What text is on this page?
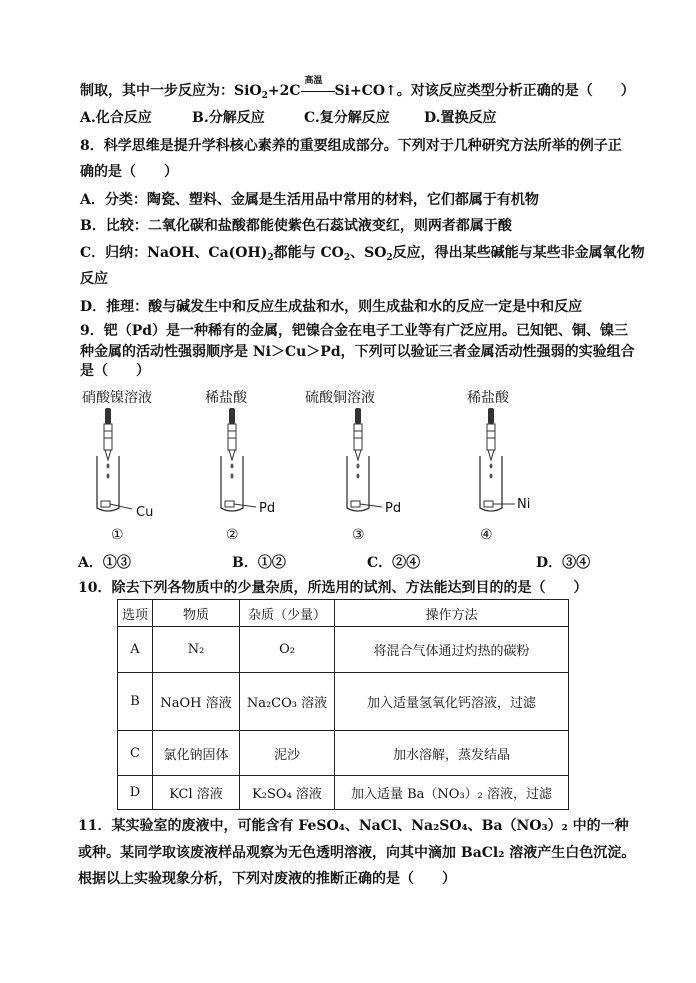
制取，其中一步反应为：SiO$_2$+2C
高温
Si+CO↑。对该反应类型分析正确的是（　　）
A.化合反应	B.分解反应	C.复分解反应 D.置换反应
8．科学思维是提升学科核心素养的重要组成部分。下列对于几种研究方法所举的例子正
确的是（　　）
A．分类：陶瓷、塑料、金属是生活用品中常用的材料，它们都属于有机物
B．比较：二氧化碳和盐酸都能使紫色石蕊试液变红，则两者都属于酸
C．归纳：NaOH、$Ca(OH)_2$都能与 $CO_2$、$SO_2$反应，得出某些碱能与某些非金属氧化物
反应
D．推理：酸与碱发生中和反应生成盐和水，则生成盐和水的反应一定是中和反应
9．钯（Pd）是一种稀有的金属，钯镍合金在电子工业等有广泛应用。已知钯、铜、镍三
种金属的活动性强弱顺序是 Ni＞Cu＞Pd，下列可以验证三者金属活动性强弱的实验组合
是（　　）
硝酸镍溶液	稀盐酸	硫酸铜溶液	稀盐酸
Cu	Pd	Pd	Ni
①	②	③	④
A．①③	B．①②	C．②④	D．③④
10．除去下列各物质中的少量杂质，所选用的试剂、方法能达到目的的是（　　）
选项	物质	杂质（少量）	操作方法
A	N₂	O₂	将混合气体通过灼热的碳粉
B	NaOH 溶液	Na₂CO₃ 溶液	加入适量氢氧化钙溶液，过滤
C	氯化钠固体	泥沙	加水溶解，蒸发结晶
D	KCl 溶液	K₂SO₄ 溶液	加入适量 Ba（NO₃）₂ 溶液，过滤
11．某实验室的废液中，可能含有 FeSO₄、NaCl、Na₂SO₄、Ba（NO₃）₂ 中的一种
或种。某同学取该废液样品观察为无色透明溶液，向其中滴加 BaCl₂ 溶液产生白色沉淀。
根据以上实验现象分析，下列对废液的推断正确的是（　　）
